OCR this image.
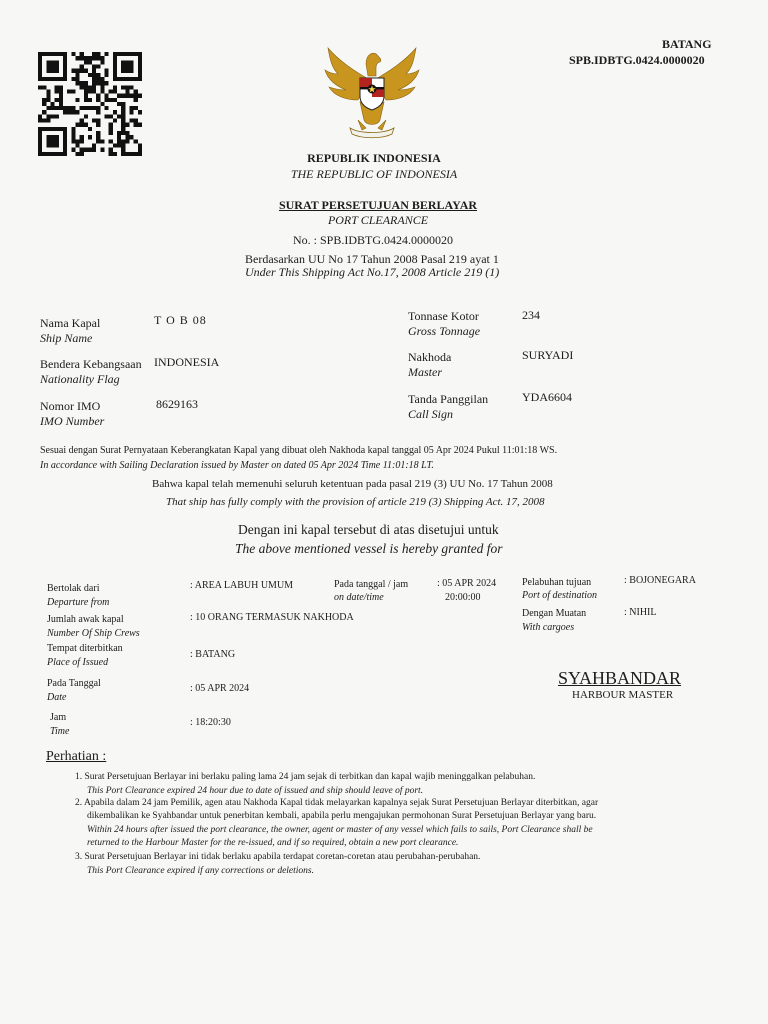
BATANG
SPB.IDBTG.0424.0000020
REPUBLIK INDONESIA
THE REPUBLIC OF INDONESIA
SURAT PERSETUJUAN BERLAYAR
PORT CLEARANCE
No. : SPB.IDBTG.0424.0000020
Berdasarkan UU No 17 Tahun 2008 Pasal 219 ayat 1
Under This Shipping Act No.17, 2008 Article 219 (1)
Nama Kapal
Ship Name
T O B 08
Bendera Kebangsaan
Nationality Flag
INDONESIA
Nomor IMO
IMO Number
8629163
Tonnase Kotor
Gross Tonnage
234
Nakhoda
Master
SURYADI
Tanda Panggilan
Call Sign
YDA6604
Sesuai dengan Surat Pernyataan Keberangkatan Kapal yang dibuat oleh Nakhoda kapal tanggal 05 Apr 2024 Pukul 11:01:18 WS.
In accordance with Sailing Declaration issued by Master on dated 05 Apr 2024 Time 11:01:18 LT.
Bahwa kapal telah memenuhi seluruh ketentuan pada pasal 219 (3) UU No. 17 Tahun 2008
That ship has fully comply with the provision of article 219 (3) Shipping Act. 17, 2008
Dengan ini kapal tersebut di atas disetujui untuk
The above mentioned vessel is hereby granted for
Bertolak dari
Departure from
: AREA LABUH UMUM	Pada tanggal / jam
on date/time
: 05 APR 2024
20:00:00
Pelabuhan tujuan
Port of destination
: BOJONEGARA
Jumlah awak kapal
Number Of Ship Crews
: 10 ORANG TERMASUK NAKHODA	Dengan Muatan
With cargoes
: NIHIL
Tempat diterbitkan
Place of Issued
: BATANG
Pada Tanggal
Date
: 05 APR 2024
Jam
Time
: 18:20:30
SYAHBANDAR
HARBOUR MASTER
Perhatian :
1. Surat Persetujuan Berlayar ini berlaku paling lama 24 jam sejak di terbitkan dan kapal wajib meninggalkan pelabuhan.
This Port Clearance expired 24 hour due to date of issued and ship should leave of port.
2. Apabila dalam 24 jam Pemilik, agen atau Nakhoda Kapal tidak melayarkan kapalnya sejak Surat Persetujuan Berlayar diterbitkan, agar
dikembalikan ke Syahbandar untuk penerbitan kembali, apabila perlu mengajukan permohonan Surat Persetujuan Berlayar yang baru.
Within 24 hours after issued the port clearance, the owner, agent or master of any vessel which fails to sails, Port Clearance shall be
returned to the Harbour Master for the re-issued, and if so required, obtain a new port clearance.
3. Surat Persetujuan Berlayar ini tidak berlaku apabila terdapat coretan-coretan atau perubahan-perubahan.
This Port Clearance expired if any corrections or deletions.
